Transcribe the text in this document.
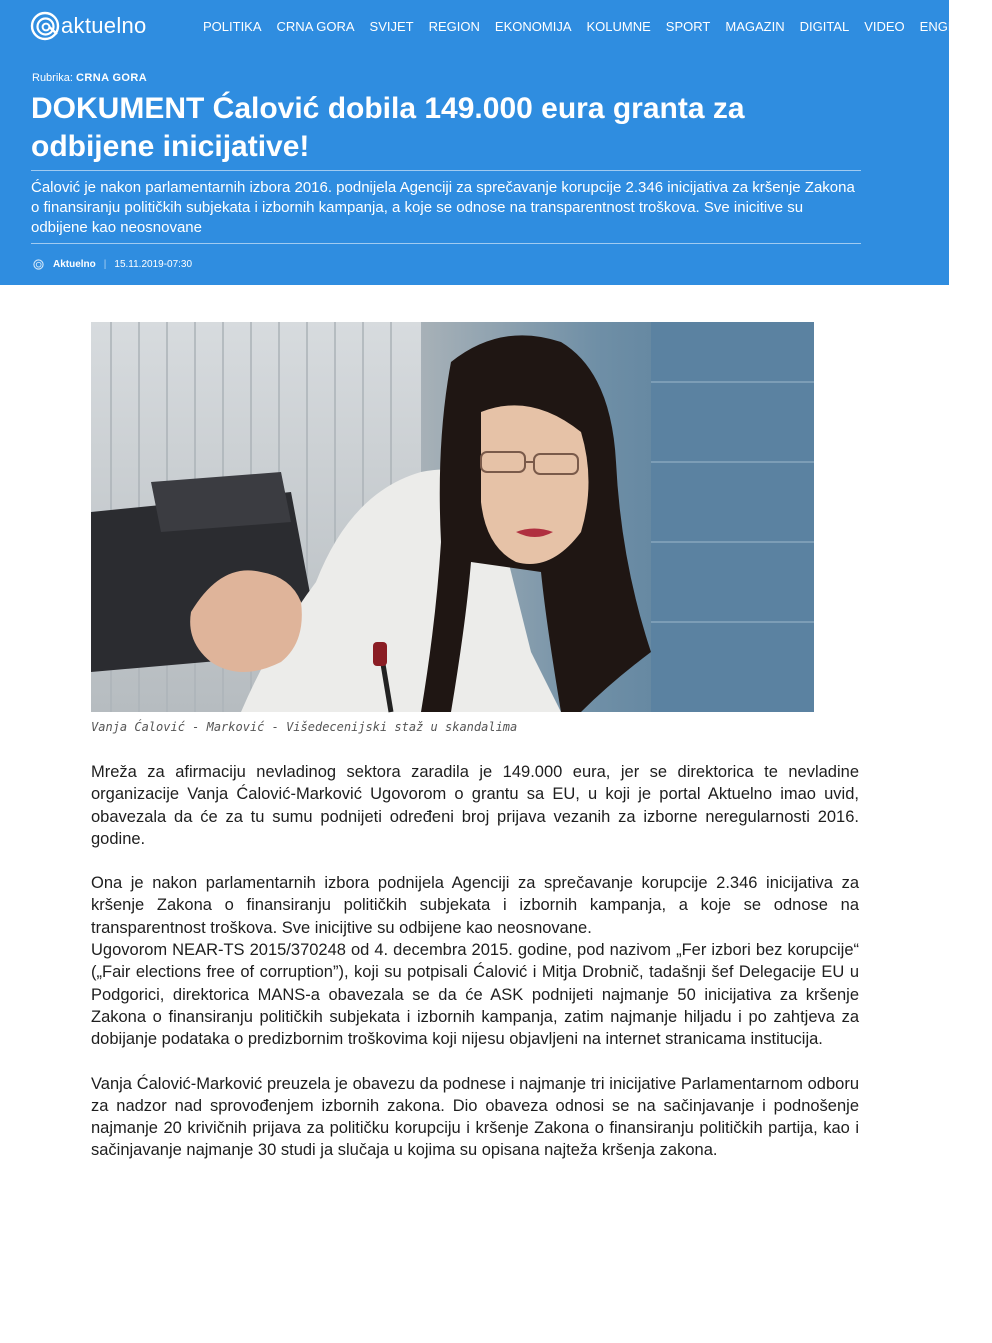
aktuelno	POLITIKA CRNA GORA SVIJET REGION EKONOMIJA KOLUMNE SPORT MAGAZIN DIGITAL VIDEO ENGLISH
Rubrika: CRNA GORA
DOKUMENT Ćalović dobila 149.000 eura granta za odbijene inicijative!

Ćalović je nakon parlamentarnih izbora 2016. podnijela Agenciji za sprečavanje korupcije 2.346 inicijativa za kršenje Zakona o finansiranju političkih subjekata i izbornih kampanja, a koje se odnose na transparentnost troškova. Sve inicitive su odbijene kao neosnovane

Aktuelno | 15.11.2019-07:30

Vanja Ćalović - Marković - Višedecenijski staž u skandalima

Mreža za afirmaciju nevladinog sektora zaradila je 149.000 eura, jer se direktorica te nevladine organizacije Vanja Ćalović-Marković Ugovorom o grantu sa EU, u koji je portal Aktuelno imao uvid, obavezala da će za tu sumu podnijeti određeni broj prijava vezanih za izborne neregularnosti 2016. godine.

Ona je nakon parlamentarnih izbora podnijela Agenciji za sprečavanje korupcije 2.346 inicijativa za kršenje Zakona o finansiranju političkih subjekata i izbornih kampanja, a koje se odnose na transparentnost troškova. Sve inicijtive su odbijene kao neosnovane.

Ugovorom NEAR-TS 2015/370248 od 4. decembra 2015. godine, pod nazivom „Fer izbori bez korupcije“ („Fair elections free of corruption”), koji su potpisali Ćalović i Mitja Drobnič, tadašnji šef Delegacije EU u Podgorici, direktorica MANS-a obavezala se da će ASK podnijeti najmanje 50 inicijativa za kršenje Zakona o finansiranju političkih subjekata i izbornih kampanja, zatim najmanje hiljadu i po zahtjeva za dobijanje podataka o predizbornim troškovima koji nijesu objavljeni na internet stranicama institucija.

Vanja Ćalović-Marković preuzela je obavezu da podnese i najmanje tri inicijative Parlamentarnom odboru za nadzor nad sprovođenjem izbornih zakona. Dio obaveza odnosi se na sačinjavanje i podnošenje najmanje 20 krivičnih prijava za političku korupciju i kršenje Zakona o finansiranju političkih partija, kao i sačinjavanje najmanje 30 studi ja slučaja u kojima su opisana najteža kršenja zakona.
